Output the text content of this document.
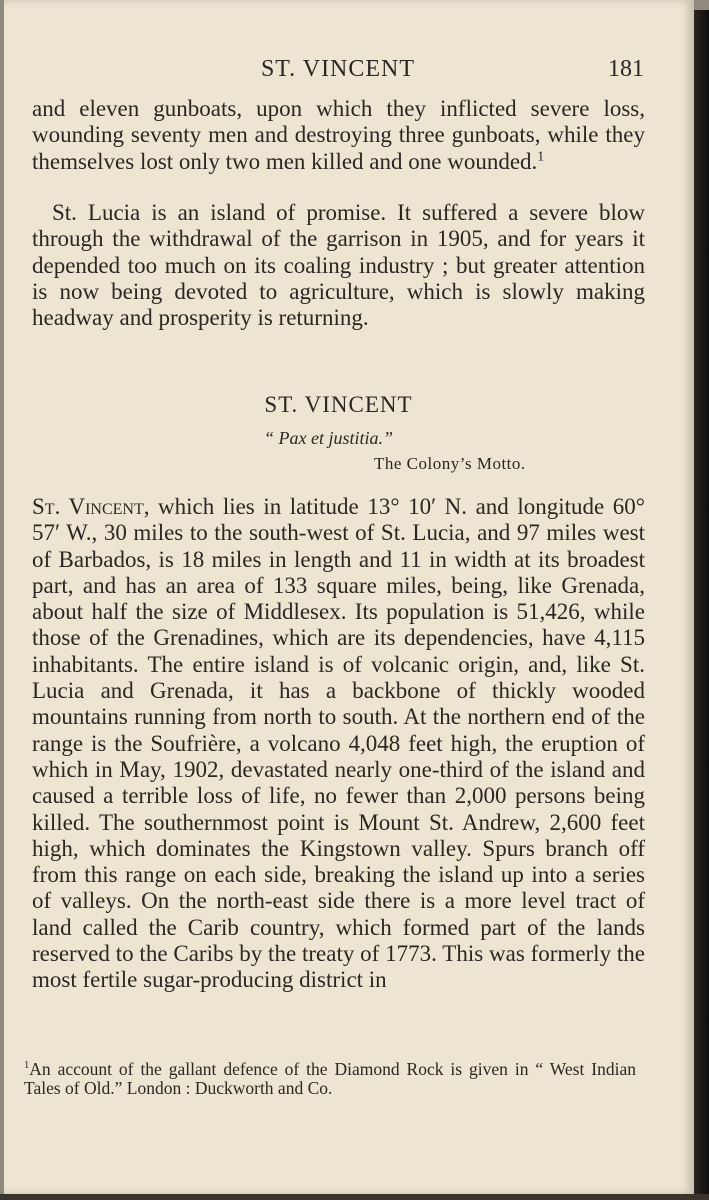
ST. VINCENT	181

and eleven gunboats, upon which they inflicted severe loss, wounding seventy men and destroying three gunboats, while they themselves lost only two men killed and one wounded.$^1$

St. Lucia is an island of promise. It suffered a severe blow through the withdrawal of the garrison in 1905, and for years it depended too much on its coaling industry ; but greater attention is now being devoted to agriculture, which is slowly making headway and prosperity is returning.

ST. VINCENT
“ Pax et justitia.”
The Colony’s Motto.

St. Vincent, which lies in latitude 13° 10′ N. and longitude 60° 57′ W., 30 miles to the south-west of St. Lucia, and 97 miles west of Barbados, is 18 miles in length and 11 in width at its broadest part, and has an area of 133 square miles, being, like Grenada, about half the size of Middlesex. Its population is 51,426, while those of the Grenadines, which are its dependencies, have 4,115 inhabitants. The entire island is of volcanic origin, and, like St. Lucia and Grenada, it has a backbone of thickly wooded mountains running from north to south. At the northern end of the range is the Soufrière, a volcano 4,048 feet high, the eruption of which in May, 1902, devastated nearly one-third of the island and caused a terrible loss of life, no fewer than 2,000 persons being killed. The southernmost point is Mount St. Andrew, 2,600 feet high, which dominates the Kingstown valley. Spurs branch off from this range on each side, breaking the island up into a series of valleys. On the north-east side there is a more level tract of land called the Carib country, which formed part of the lands reserved to the Caribs by the treaty of 1773. This was formerly the most fertile sugar-producing district in

$^1$An account of the gallant defence of the Diamond Rock is given in “ West Indian Tales of Old.” London : Duckworth and Co.
